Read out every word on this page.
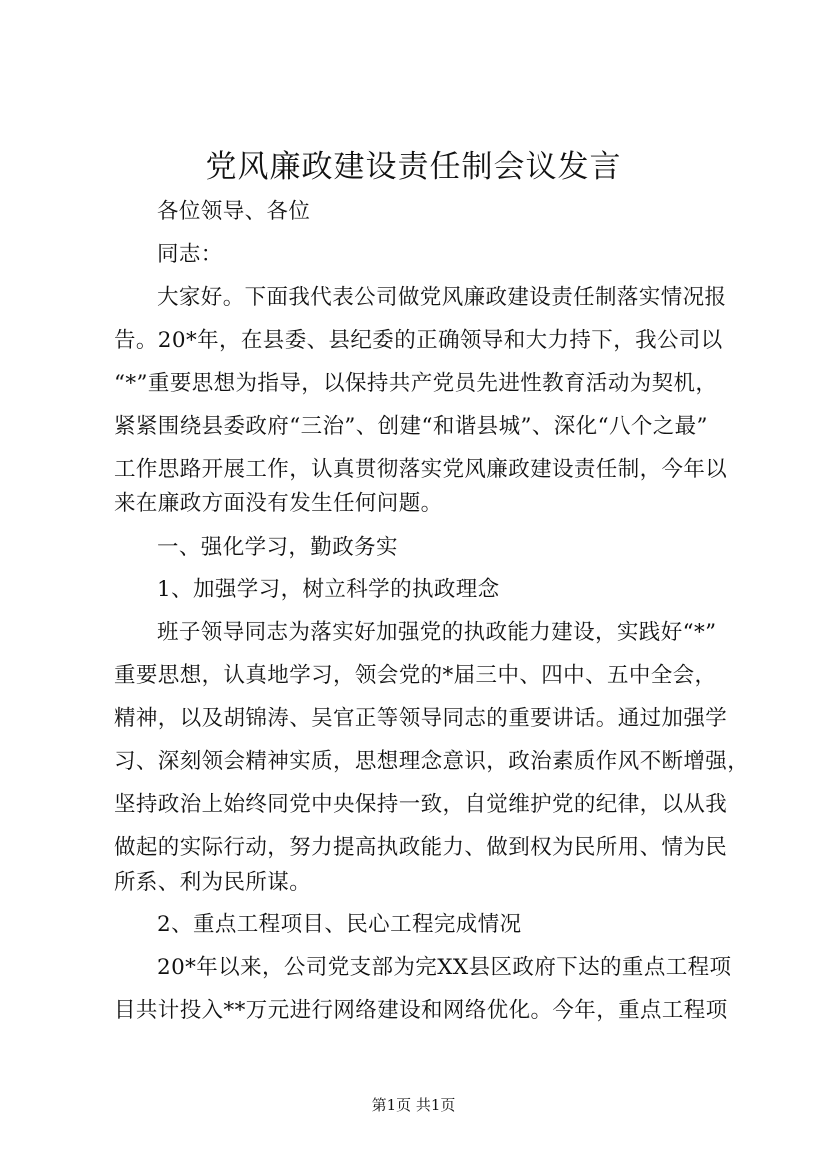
党风廉政建设责任制会议发言
各位领导、各位
同志：
大家好。下面我代表公司做党风廉政建设责任制落实情况报
告。20*年，在县委、县纪委的正确领导和大力持下，我公司以
“*”重要思想为指导，以保持共产党员先进性教育活动为契机，
紧紧围绕县委政府“三治”、创建“和谐县城”、深化“八个之最”
工作思路开展工作，认真贯彻落实党风廉政建设责任制，今年以
来在廉政方面没有发生任何问题。
一、强化学习，勤政务实
1、加强学习，树立科学的执政理念
班子领导同志为落实好加强党的执政能力建设，实践好“*”
重要思想，认真地学习，领会党的*届三中、四中、五中全会，
精神，以及胡锦涛、吴官正等领导同志的重要讲话。通过加强学
习、深刻领会精神实质，思想理念意识，政治素质作风不断增强，
坚持政治上始终同党中央保持一致，自觉维护党的纪律，以从我
做起的实际行动，努力提高执政能力、做到权为民所用、情为民
所系、利为民所谋。
2、重点工程项目、民心工程完成情况
20*年以来，公司党支部为完XX县区政府下达的重点工程项
目共计投入**万元进行网络建设和网络优化。今年，重点工程项
第1页 共1页
